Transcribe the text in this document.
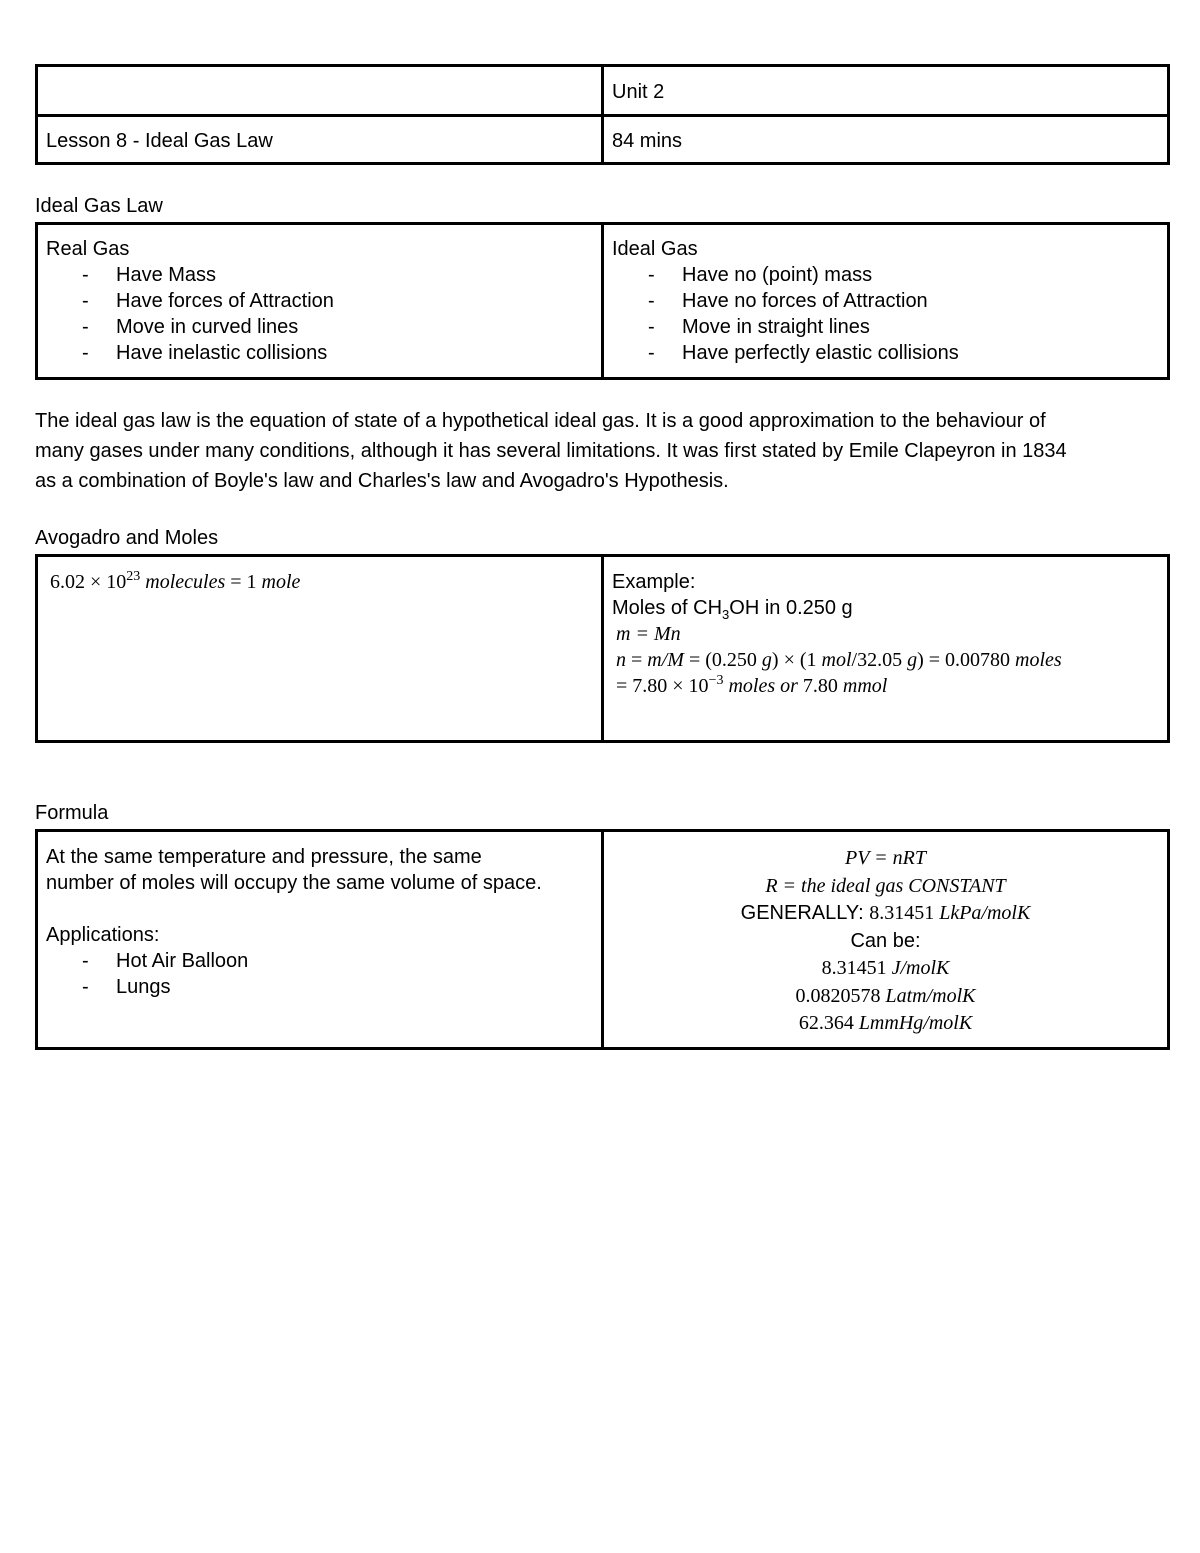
	Unit 2
Lesson 8 - Ideal Gas Law	84 mins
Ideal Gas Law
Real Gas
- Have Mass
- Have forces of Attraction
- Move in curved lines
- Have inelastic collisions

Ideal Gas
- Have no (point) mass
- Have no forces of Attraction
- Move in straight lines
- Have perfectly elastic collisions
The ideal gas law is the equation of state of a hypothetical ideal gas. It is a good approximation to the behaviour of
many gases under many conditions, although it has several limitations. It was first stated by Emile Clapeyron in 1834
as a combination of Boyle's law and Charles's law and Avogadro's Hypothesis.
Avogadro and Moles
$6.02 \times 10^{23}$ molecules = 1 mole	Example:
Moles of $CH_3OH$ in 0.250 g
m = Mn
n = m/M = (0.250 g) × (1 mol/32.05 g) = 0.00780 moles
= $7.80 \times 10^{-3}$ moles or 7.80 mmol
Formula
At the same temperature and pressure, the same
number of moles will occupy the same volume of space.
Applications:
- Hot Air Balloon
- Lungs

PV = nRT
R = the ideal gas CONSTANT
GENERALLY: 8.31451 LkPa/molK
Can be:
8.31451 J/molK
0.0820578 Latm/molK
62.364 LmmHg/molK
